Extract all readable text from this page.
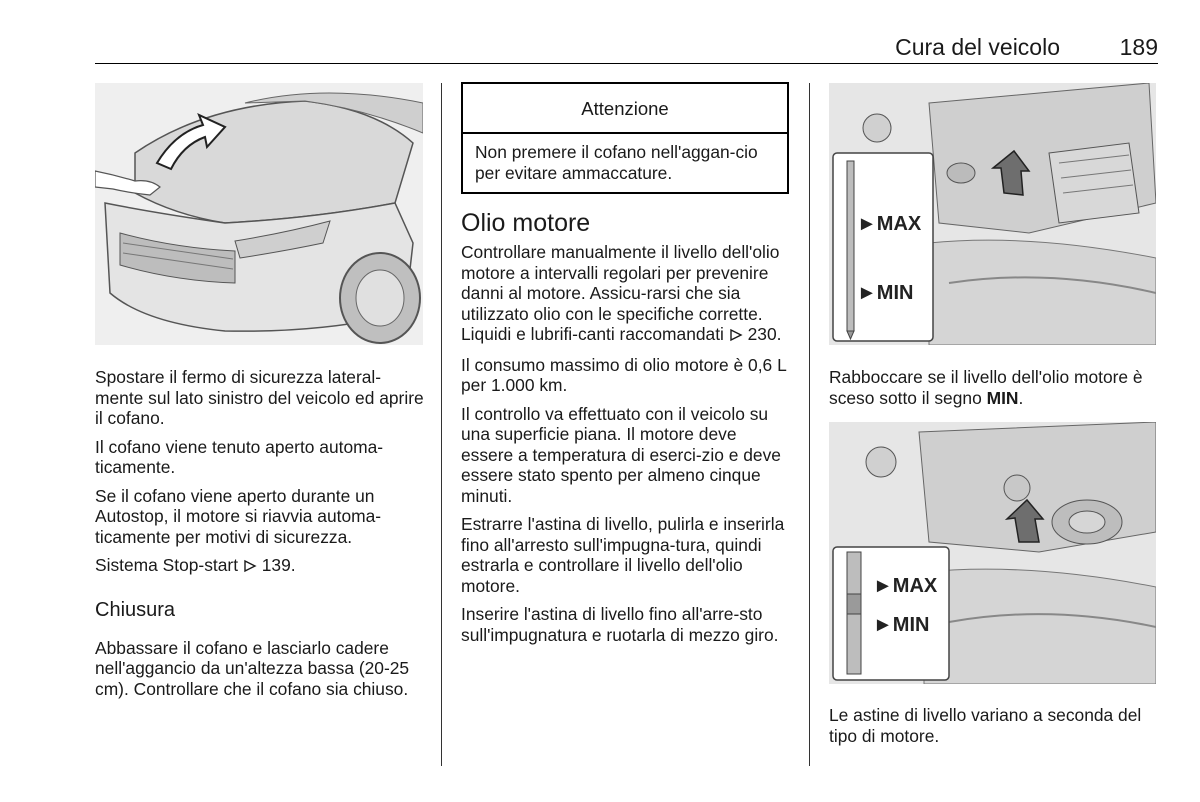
Cura del veicolo	189

Spostare il fermo di sicurezza lateral-mente sul lato sinistro del veicolo ed aprire il cofano.

Il cofano viene tenuto aperto automa-ticamente.

Se il cofano viene aperto durante un Autostop, il motore si riavvia automa-ticamente per motivi di sicurezza.

Sistema Stop-start 139.

Chiusura

Abbassare il cofano e lasciarlo cadere nell'aggancio da un'altezza bassa (20-25 cm). Controllare che il cofano sia chiuso.

Attenzione
Non premere il cofano nell'aggan-cio per evitare ammaccature.
Olio motore

Controllare manualmente il livello dell'olio motore a intervalli regolari per prevenire danni al motore. Assicu-rarsi che sia utilizzato olio con le specifiche corrette. Liquidi e lubrifi-canti raccomandati 230.

Il consumo massimo di olio motore è 0,6 L per 1.000 km.

Il controllo va effettuato con il veicolo su una superficie piana. Il motore deve essere a temperatura di eserci-zio e deve essere stato spento per almeno cinque minuti.

Estrarre l'astina di livello, pulirla e inserirla fino all'arresto sull'impugna-tura, quindi estrarla e controllare il livello dell'olio motore.

Inserire l'astina di livello fino all'arre-sto sull'impugnatura e ruotarla di mezzo giro.

►MAX
►MIN

Rabboccare se il livello dell'olio motore è sceso sotto il segno MIN.

►MAX
►MIN

Le astine di livello variano a seconda del tipo di motore.
